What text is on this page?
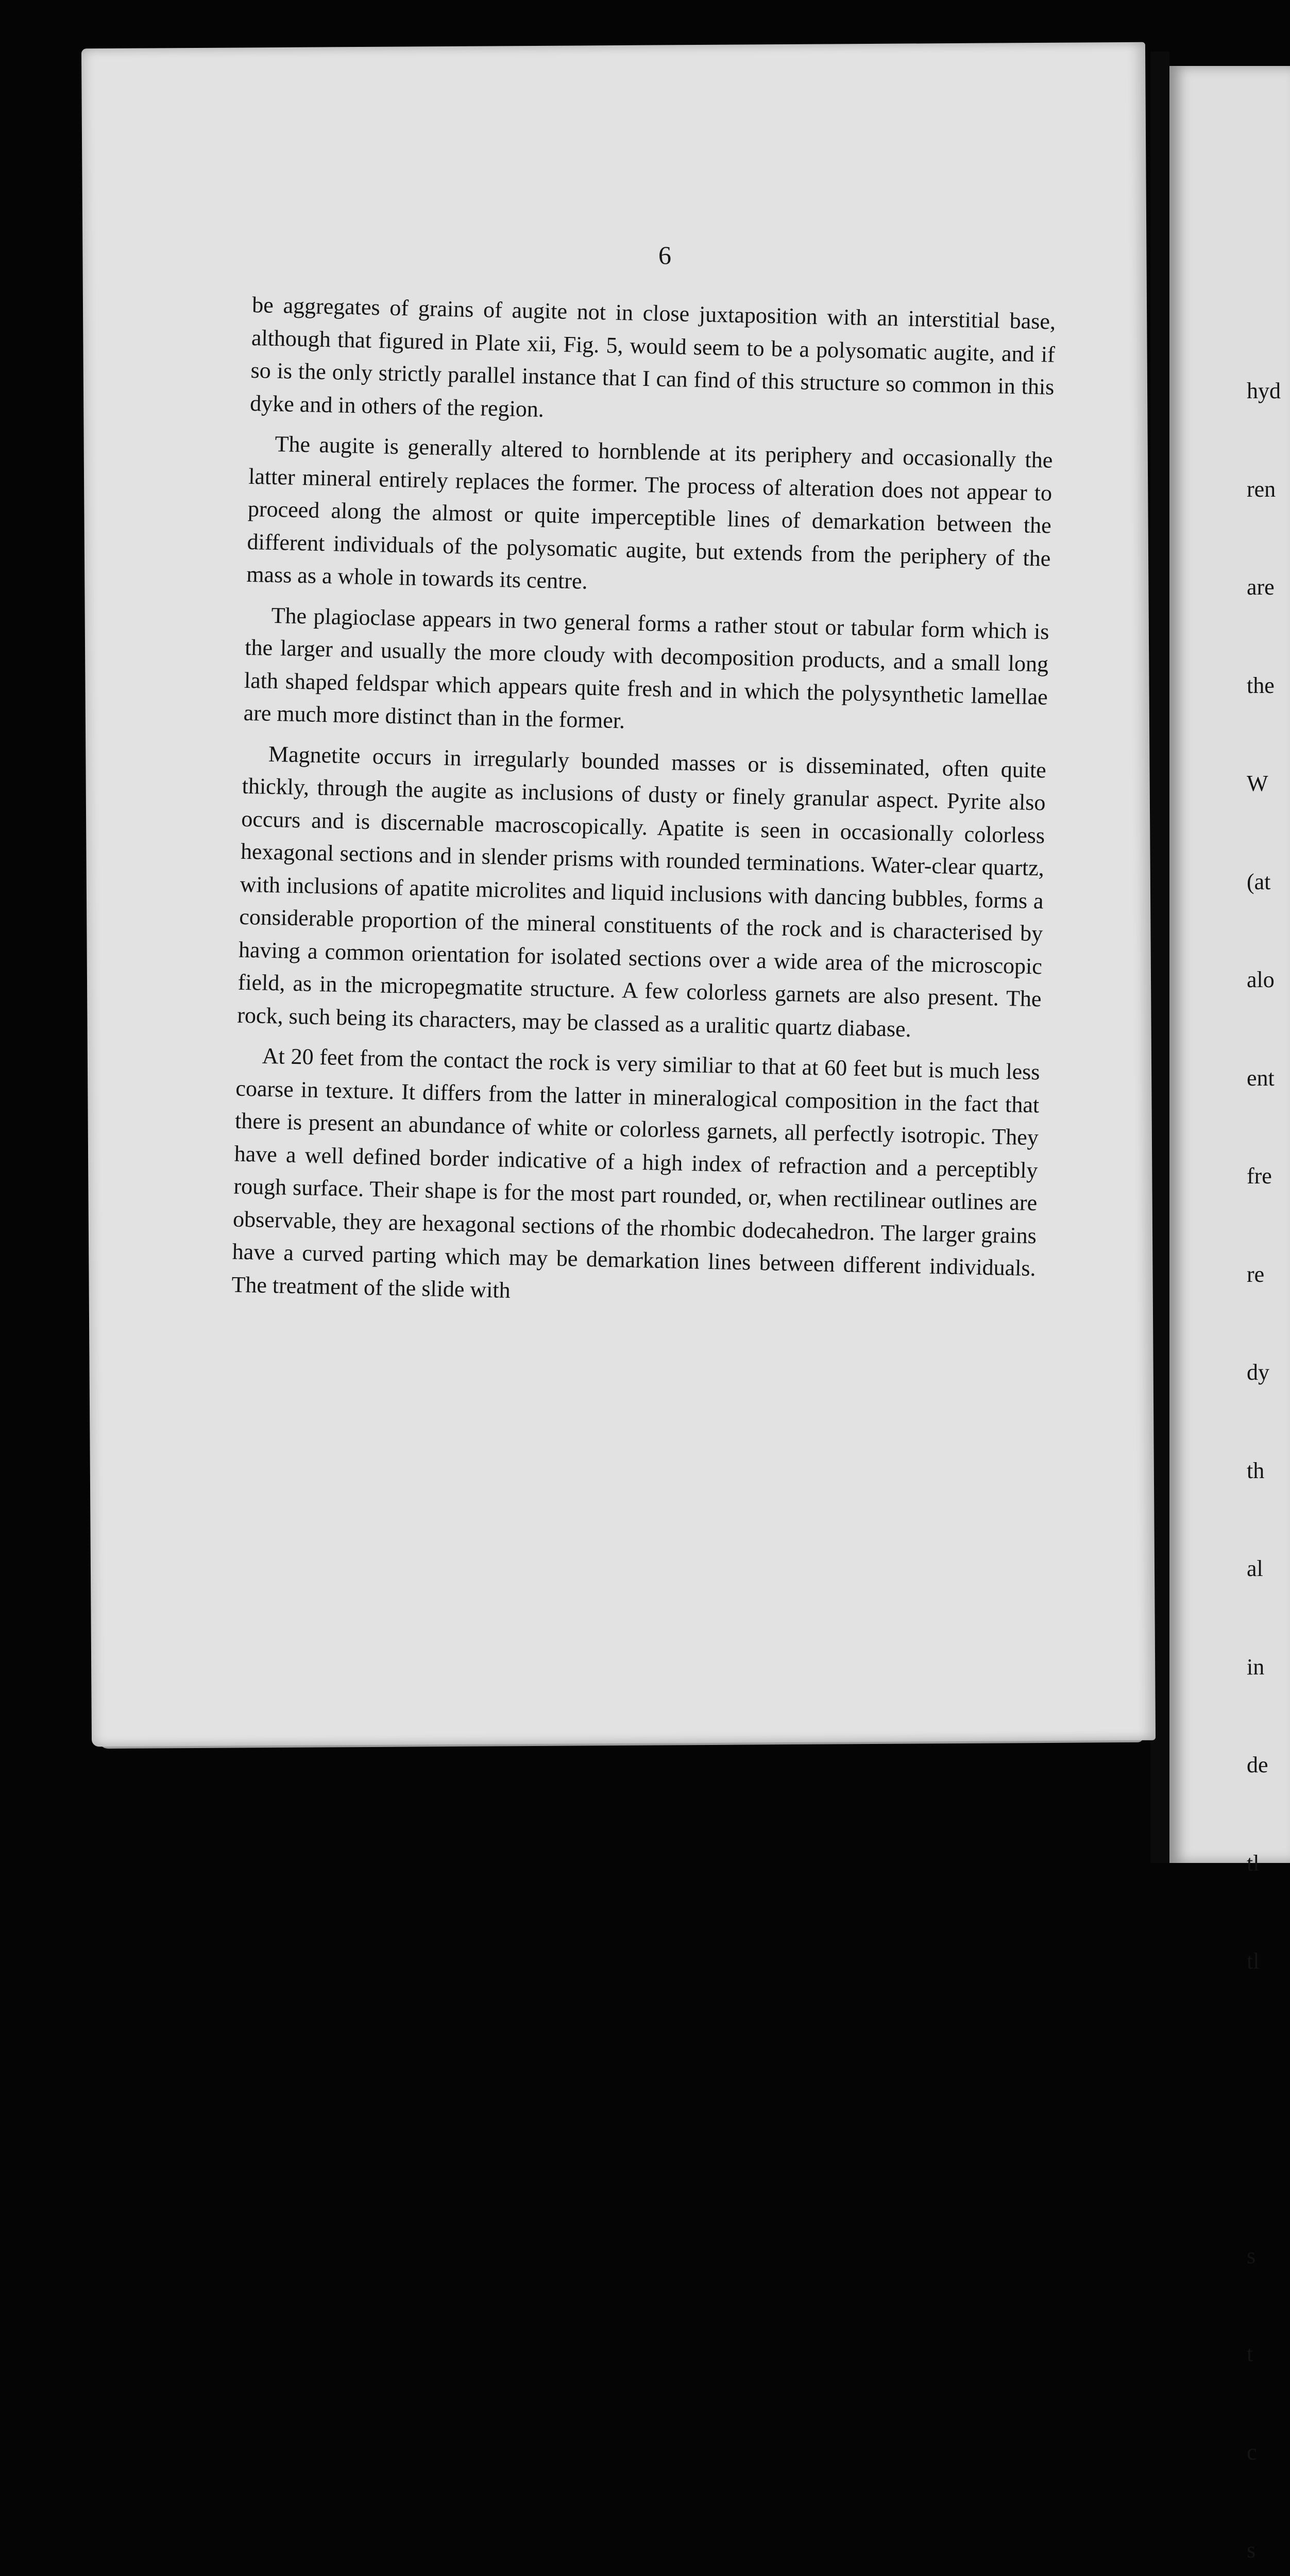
6

be aggregates of grains of augite not in close juxtaposition with an interstitial base, although that figured in Plate xii, Fig. 5, would seem to be a polysomatic augite, and if so is the only strictly parallel instance that I can find of this structure so common in this dyke and in others of the region.

The augite is generally altered to hornblende at its periphery and occasionally the latter mineral entirely replaces the former. The process of alteration does not appear to proceed along the almost or quite imperceptible lines of demarkation between the different individuals of the polysomatic augite, but extends from the periphery of the mass as a whole in towards its centre.

The plagioclase appears in two general forms a rather stout or tabular form which is the larger and usually the more cloudy with decomposition products, and a small long lath shaped feldspar which appears quite fresh and in which the polysynthetic lamellae are much more distinct than in the former.

Magnetite occurs in irregularly bounded masses or is disseminated, often quite thickly, through the augite as inclusions of dusty or finely granular aspect. Pyrite also occurs and is discernable macroscopically. Apatite is seen in occasionally colorless hexagonal sections and in slender prisms with rounded terminations. Water-clear quartz, with inclusions of apatite microlites and liquid inclusions with dancing bubbles, forms a considerable proportion of the mineral constituents of the rock and is characterised by having a common orientation for isolated sections over a wide area of the microscopic field, as in the micropegmatite structure. A few colorless garnets are also present. The rock, such being its characters, may be classed as a uralitic quartz diabase.

At 20 feet from the contact the rock is very similiar to that at 60 feet but is much less coarse in texture. It differs from the latter in mineralogical composition in the fact that there is present an abundance of white or colorless garnets, all perfectly isotropic. They have a well defined border indicative of a high index of refraction and a perceptibly rough surface. Their shape is for the most part rounded, or, when rectilinear outlines are observable, they are hexagonal sections of the rhombic dodecahedron. The larger grains have a curved parting which may be demarkation lines between different individuals. The treatment of the slide with

hyd

ren

are

the

W

(at

alo

ent

fre

re

dy

th

al

in

de

tl

tl

s

t

c

s
